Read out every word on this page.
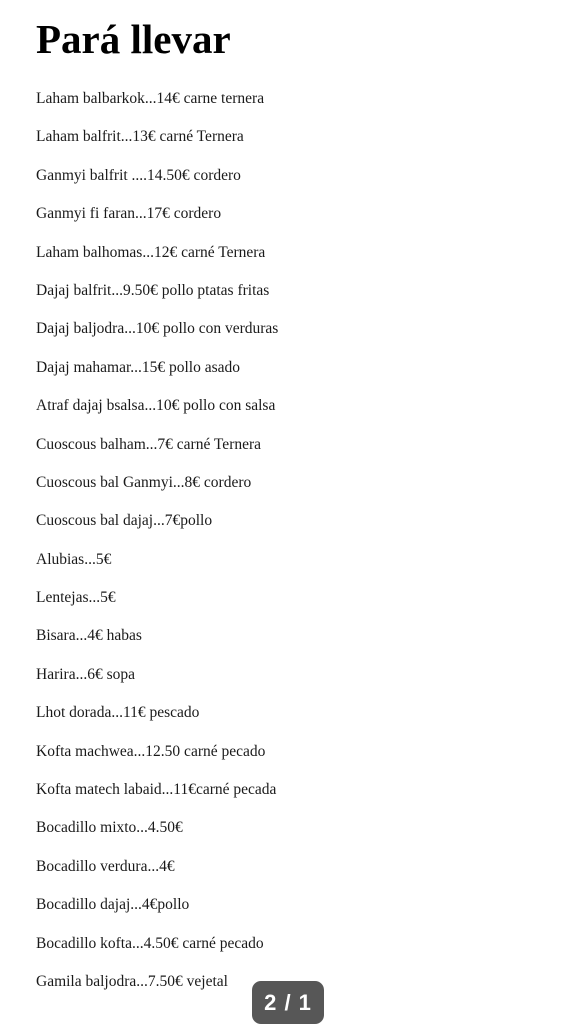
Pará llevar
Laham balbarkok...14€ carne ternera
Laham balfrit...13€ carné Ternera
Ganmyi balfrit ....14.50€ cordero
Ganmyi fi faran...17€ cordero
Laham balhomas...12€ carné Ternera
Dajaj balfrit...9.50€ pollo ptatas fritas
Dajaj baljodra...10€ pollo con verduras
Dajaj mahamar...15€ pollo asado
Atraf dajaj bsalsa...10€ pollo con salsa
Cuoscous balham...7€ carné Ternera
Cuoscous bal Ganmyi...8€ cordero
Cuoscous bal dajaj...7€pollo
Alubias...5€
Lentejas...5€
Bisara...4€ habas
Harira...6€ sopa
Lhot dorada...11€ pescado
Kofta machwea...12.50 carné pecado
Kofta matech labaid...11€carné pecada
Bocadillo mixto...4.50€
Bocadillo verdura...4€
Bocadillo dajaj...4€pollo
Bocadillo kofta...4.50€ carné pecado
Gamila baljodra...7.50€ vejetal
2 / 1
